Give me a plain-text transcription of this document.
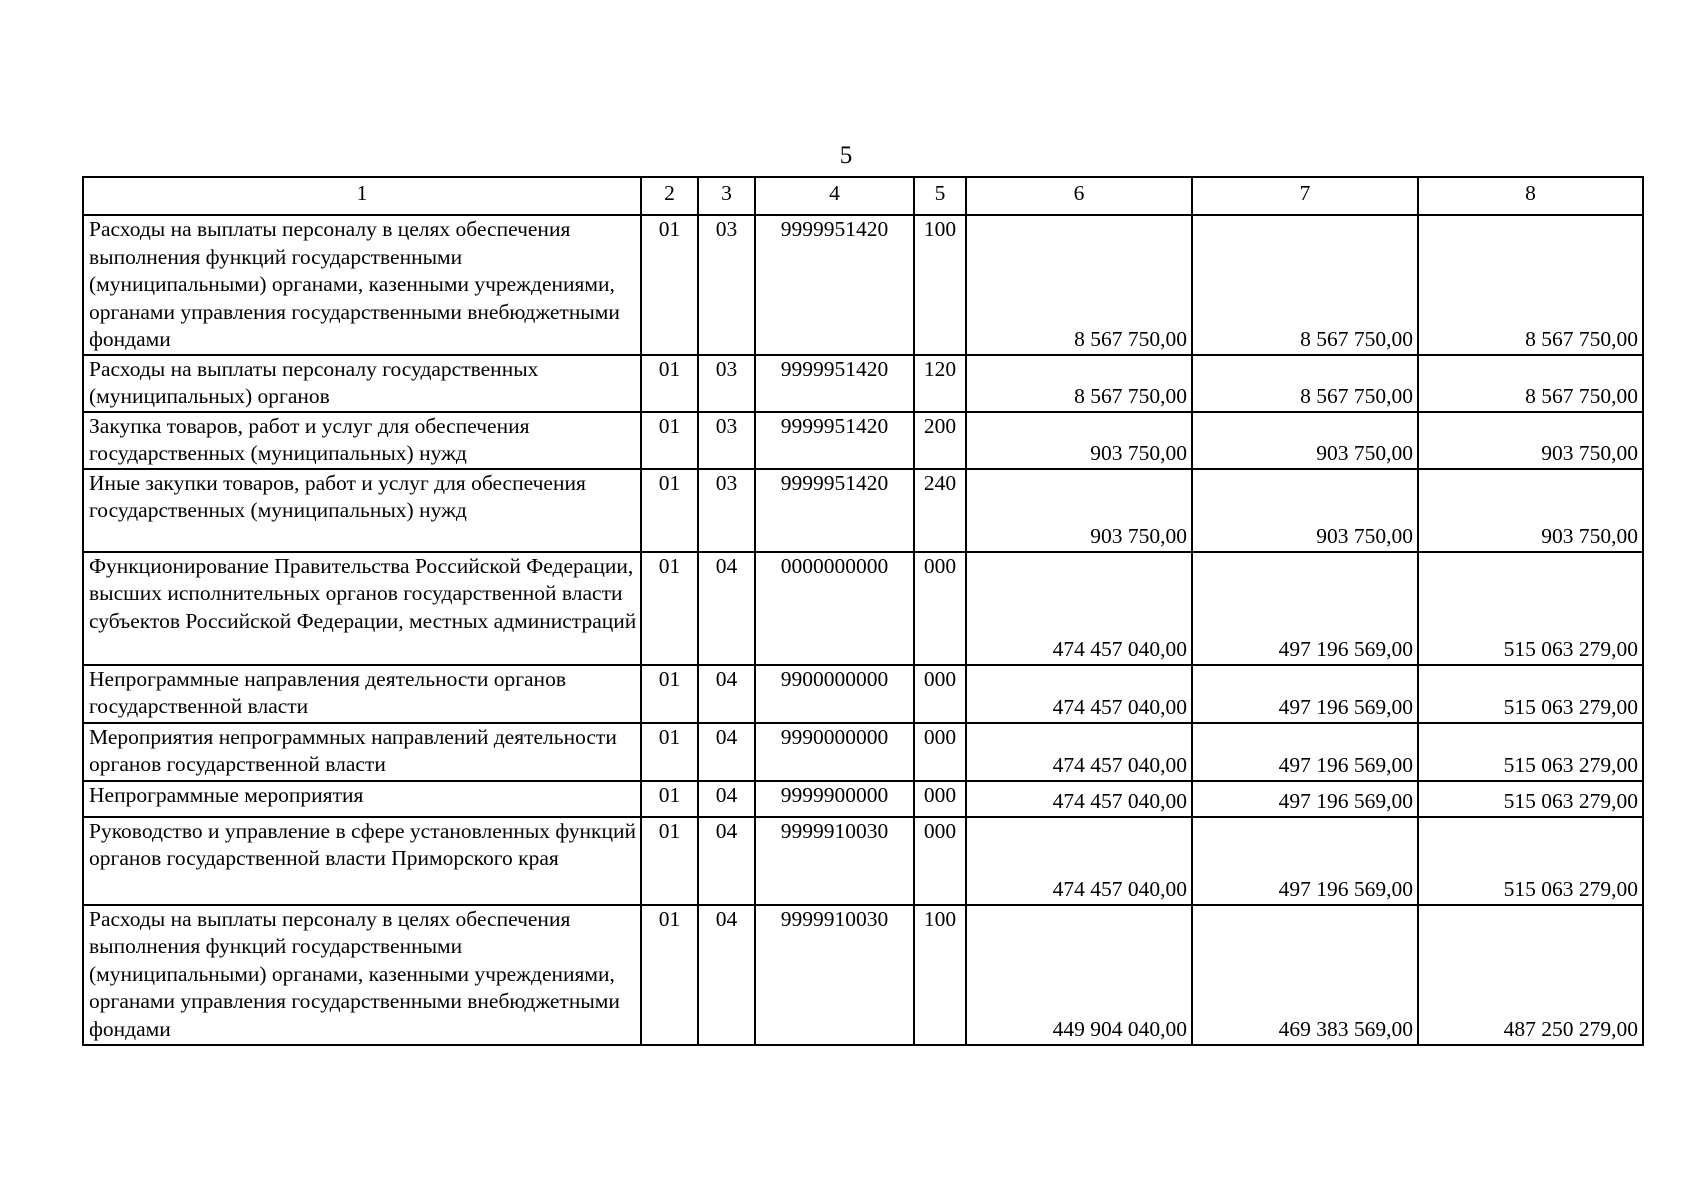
5
1	2	3	4	5	6	7	8
Расходы на выплаты персоналу в целях обеспечения выполнения функций государственными (муниципальными) органами, казенными учреждениями, органами управления государственными внебюджетными фондами	01	03	9999951420	100	8 567 750,00	8 567 750,00	8 567 750,00
Расходы на выплаты персоналу государственных (муниципальных) органов	01	03	9999951420	120	8 567 750,00	8 567 750,00	8 567 750,00
Закупка товаров, работ и услуг для обеспечения государственных (муниципальных) нужд	01	03	9999951420	200	903 750,00	903 750,00	903 750,00
Иные закупки товаров, работ и услуг для обеспечения государственных (муниципальных) нужд	01	03	9999951420	240	903 750,00	903 750,00	903 750,00
Функционирование Правительства Российской Федерации, высших исполнительных органов государственной власти субъектов Российской Федерации, местных администраций	01	04	0000000000	000	474 457 040,00	497 196 569,00	515 063 279,00
Непрограммные направления деятельности органов государственной власти	01	04	9900000000	000	474 457 040,00	497 196 569,00	515 063 279,00
Мероприятия непрограммных направлений деятельности органов государственной власти	01	04	9990000000	000	474 457 040,00	497 196 569,00	515 063 279,00
Непрограммные мероприятия	01	04	9999900000	000	474 457 040,00	497 196 569,00	515 063 279,00
Руководство и управление в сфере установленных функций органов государственной власти Приморского края	01	04	9999910030	000	474 457 040,00	497 196 569,00	515 063 279,00
Расходы на выплаты персоналу в целях обеспечения выполнения функций государственными (муниципальными) органами, казенными учреждениями, органами управления государственными внебюджетными фондами	01	04	9999910030	100	449 904 040,00	469 383 569,00	487 250 279,00
